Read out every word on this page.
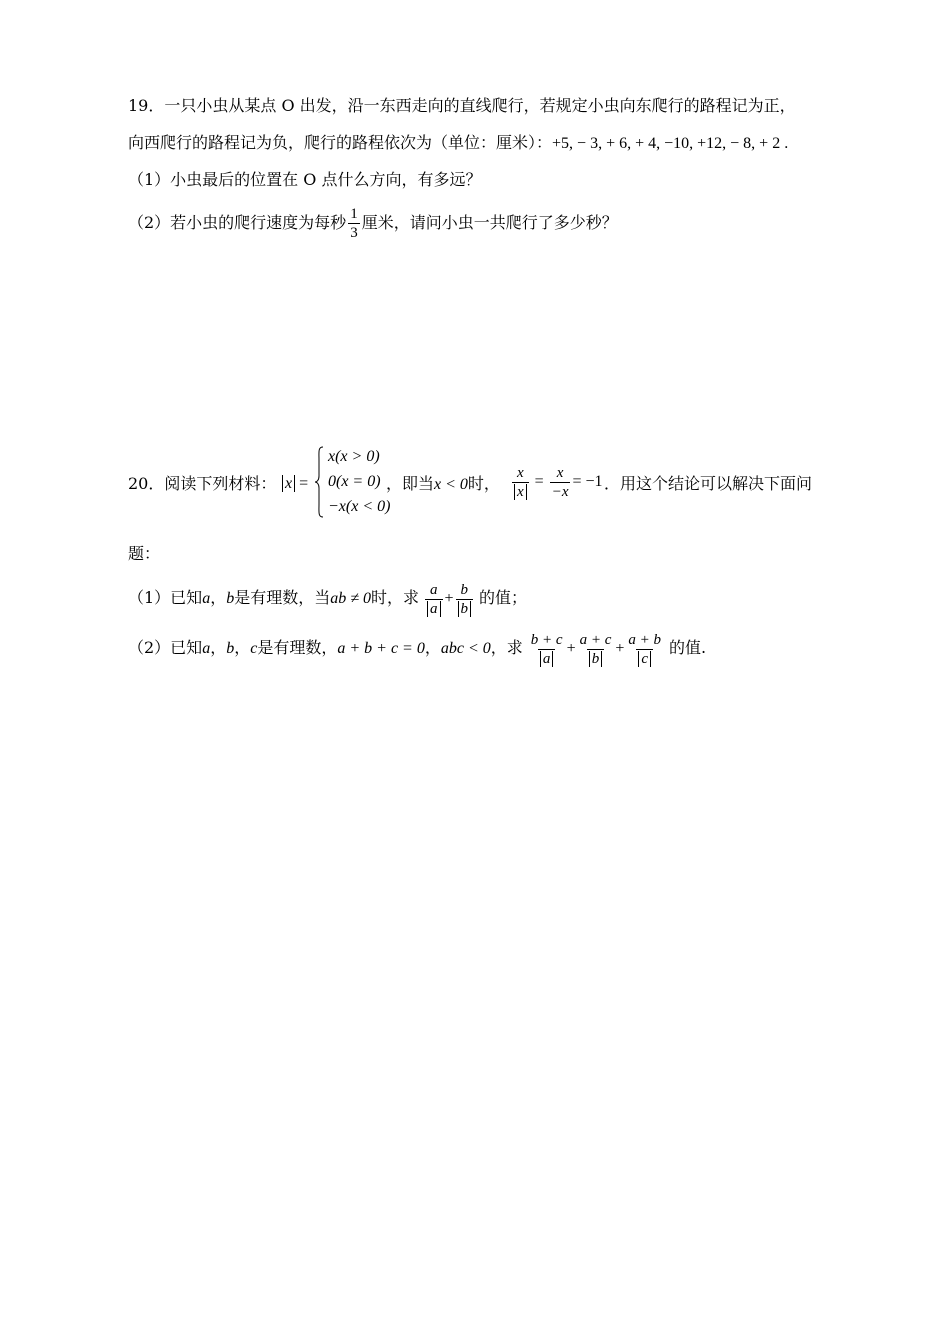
19．一只小虫从某点 O 出发，沿一东西走向的直线爬行，若规定小虫向东爬行的路程记为正，
向西爬行的路程记为负，爬行的路程依次为（单位：厘米）：+5, − 3, + 6, + 4, −10, +12, − 8, + 2 .
（1）小虫最后的位置在 O 点什么方向，有多远？
（2）若小虫的爬行速度为每秒 $\frac{1}{3}$ 厘米，请问小虫一共爬行了多少秒？
20．阅读下列材料： x =
x(x > 0)
0(x = 0)
−x(x < 0)
，即当x < 0时， $\frac{x}{x} = \frac{x}{-x} = -1$ ．用这个结论可以解决下面问
题：
（1）已知a，b是有理数，当ab ≠ 0时，求 $\frac{a}{a} + \frac{b}{b}$ 的值；
（2）已知a，b，c是有理数，a + b + c = 0，abc < 0，求 $\frac{b + c}{a} + \frac{a + c}{b} + \frac{a + b}{c}$ 的值.
